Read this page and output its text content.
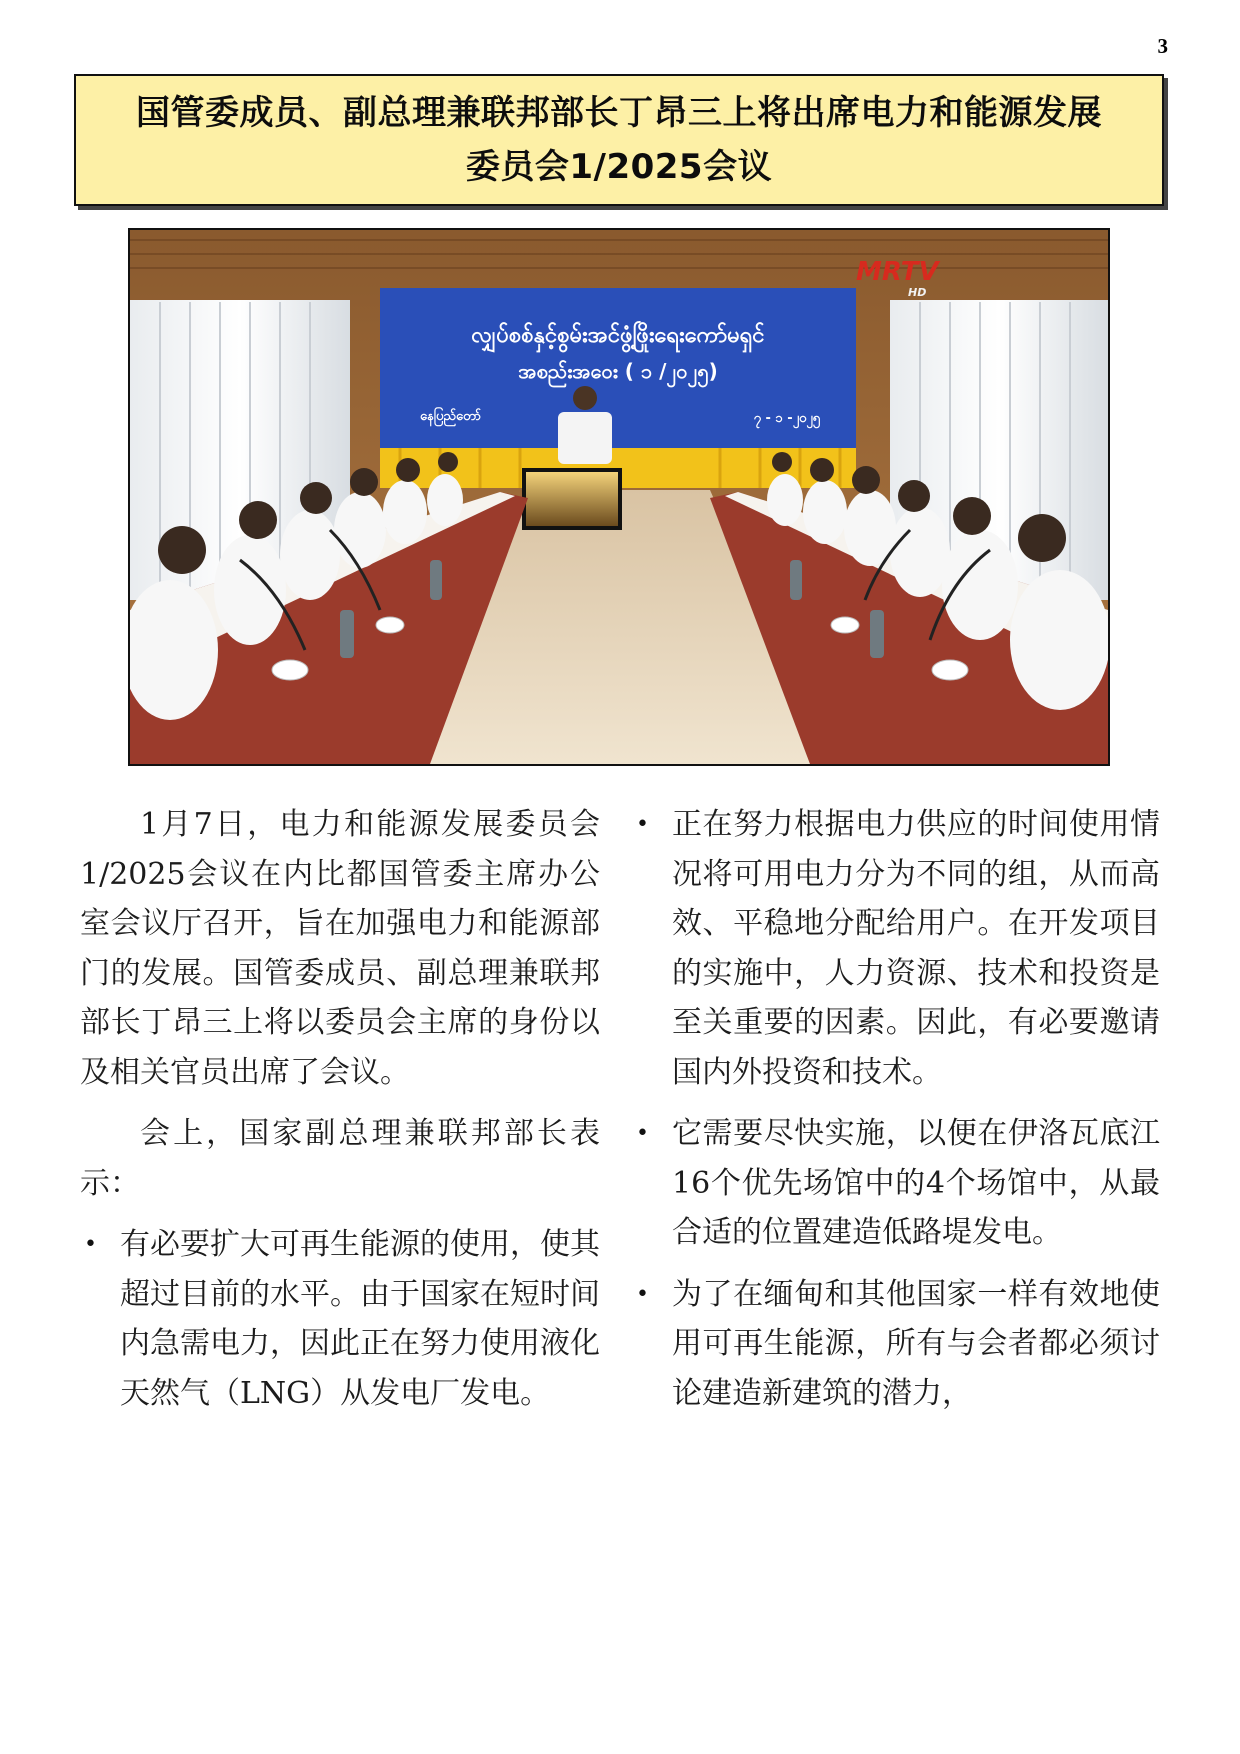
3
国管委成员、副总理兼联邦部长丁昂三上将出席电力和能源发展
委员会1/2025会议
လျှပ်စစ်နှင့်စွမ်းအင်ဖွံ့ဖြိုးရေးကော်မရှင်
အစည်းအဝေး ( ၁ /၂၀၂၅)
နေပြည်တော်	၇ - ၁ -၂၀၂၅
MRTV
HD

1月7日，电力和能源发展委员会1/2025会议在内比都国管委主席办公室会议厅召开，旨在加强电力和能源部门的发展。国管委成员、副总理兼联邦部长丁昂三上将以委员会主席的身份以及相关官员出席了会议。

会上，国家副总理兼联邦部长表示：

• 有必要扩大可再生能源的使用，使其超过目前的水平。由于国家在短时间内急需电力，因此正在努力使用液化天然气（LNG）从发电厂发电。
• 正在努力根据电力供应的时间使用情况将可用电力分为不同的组，从而高效、平稳地分配给用户。在开发项目的实施中，人力资源、技术和投资是至关重要的因素。因此，有必要邀请国内外投资和技术。
• 它需要尽快实施，以便在伊洛瓦底江16个优先场馆中的4个场馆中，从最合适的位置建造低路堤发电。
• 为了在缅甸和其他国家一样有效地使用可再生能源，所有与会者都必须讨论建造新建筑的潜力，
